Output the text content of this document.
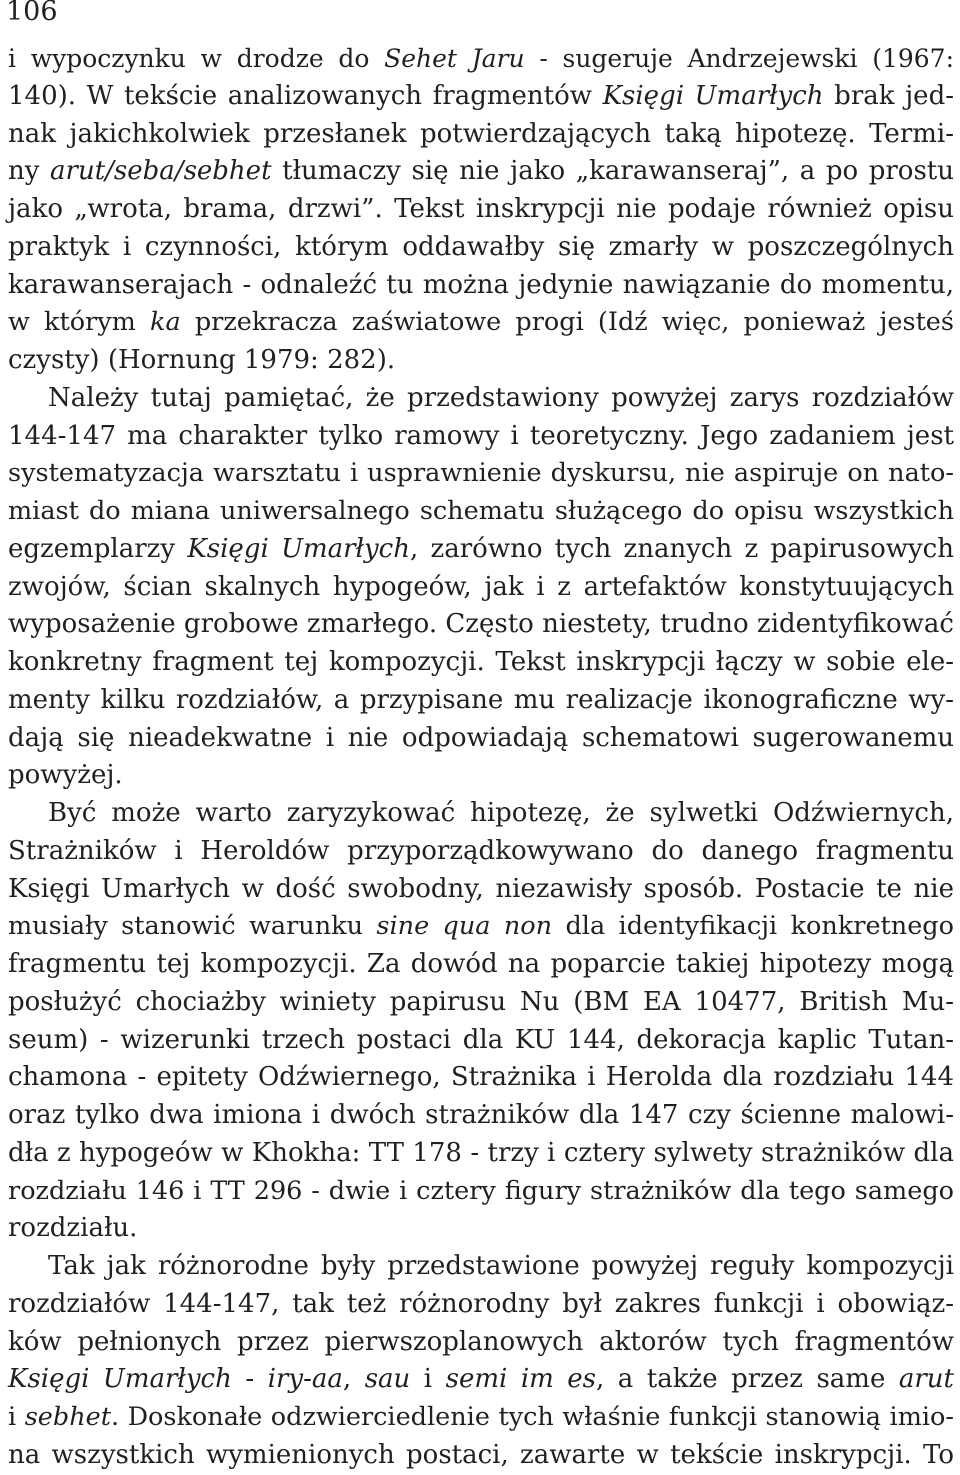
106
i wypoczynku w drodze do Sehet Jaru - sugeruje Andrzejewski (1967:
140). W tekście analizowanych fragmentów Księgi Umarłych brak jed-
nak jakichkolwiek przesłanek potwierdzających taką hipotezę. Termi-
ny arut/seba/sebhet tłumaczy się nie jako „karawanseraj”, a po prostu
jako „wrota, brama, drzwi”. Tekst inskrypcji nie podaje również opisu
praktyk i czynności, którym oddawałby się zmarły w poszczególnych
karawanserajach - odnaleźć tu można jedynie nawiązanie do momentu,
w którym ka przekracza zaświatowe progi (Idź więc, ponieważ jesteś
czysty) (Hornung 1979: 282).
Należy tutaj pamiętać, że przedstawiony powyżej zarys rozdziałów
144-147 ma charakter tylko ramowy i teoretyczny. Jego zadaniem jest
systematyzacja warsztatu i usprawnienie dyskursu, nie aspiruje on nato-
miast do miana uniwersalnego schematu służącego do opisu wszystkich
egzemplarzy Księgi Umarłych, zarówno tych znanych z papirusowych
zwojów, ścian skalnych hypogeów, jak i z artefaktów konstytuujących
wyposażenie grobowe zmarłego. Często niestety, trudno zidentyfikować
konkretny fragment tej kompozycji. Tekst inskrypcji łączy w sobie ele-
menty kilku rozdziałów, a przypisane mu realizacje ikonograficzne wy-
dają się nieadekwatne i nie odpowiadają schematowi sugerowanemu
powyżej.
Być może warto zaryzykować hipotezę, że sylwetki Odźwiernych,
Strażników i Heroldów przyporządkowywano do danego fragmentu
Księgi Umarłych w dość swobodny, niezawisły sposób. Postacie te nie
musiały stanowić warunku sine qua non dla identyfikacji konkretnego
fragmentu tej kompozycji. Za dowód na poparcie takiej hipotezy mogą
posłużyć chociażby winiety papirusu Nu (BM EA 10477, British Mu-
seum) - wizerunki trzech postaci dla KU 144, dekoracja kaplic Tutan-
chamona - epitety Odźwiernego, Strażnika i Herolda dla rozdziału 144
oraz tylko dwa imiona i dwóch strażników dla 147 czy ścienne malowi-
dła z hypogeów w Khokha: TT 178 - trzy i cztery sylwety strażników dla
rozdziału 146 i TT 296 - dwie i cztery figury strażników dla tego samego
rozdziału.
Tak jak różnorodne były przedstawione powyżej reguły kompozycji
rozdziałów 144-147, tak też różnorodny był zakres funkcji i obowiąz-
ków pełnionych przez pierwszoplanowych aktorów tych fragmentów
Księgi Umarłych - iry-aa, sau i semi im es, a także przez same arut
i sebhet. Doskonałe odzwierciedlenie tych właśnie funkcji stanowią imio-
na wszystkich wymienionych postaci, zawarte w tekście inskrypcji. To
